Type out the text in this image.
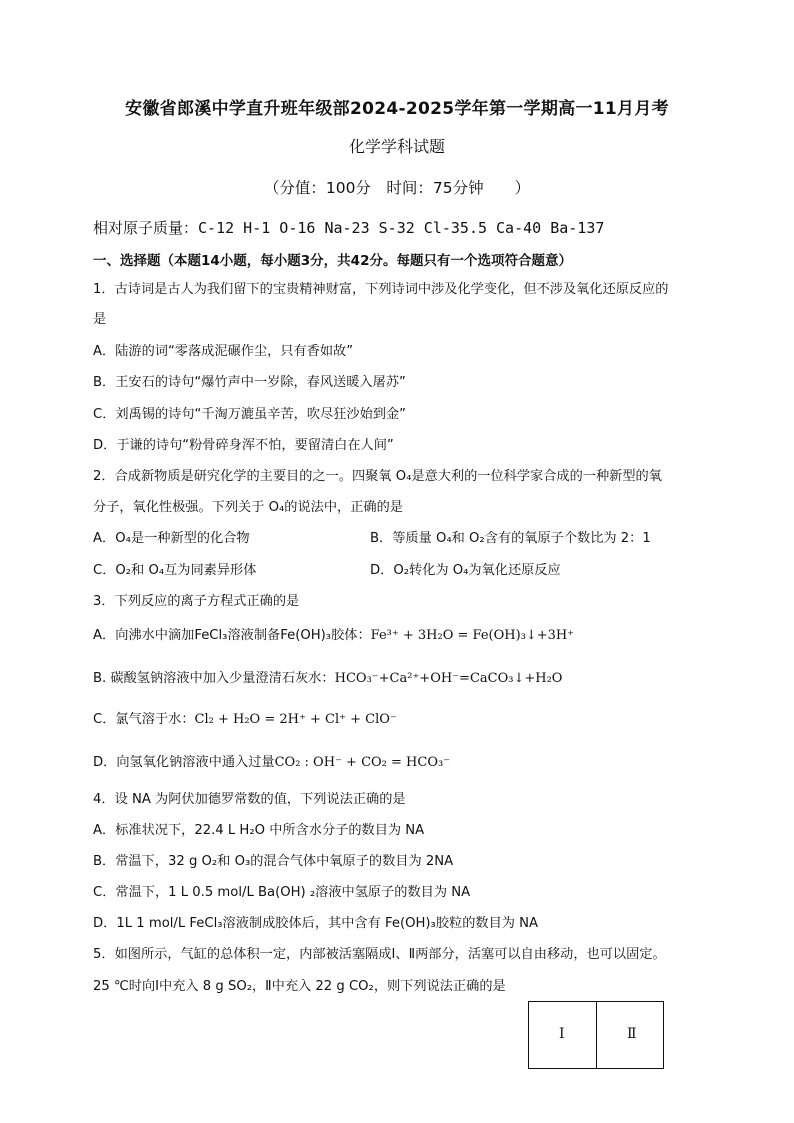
安徽省郎溪中学直升班年级部2024-2025学年第一学期高一11月月考
化学学科试题
（分值：100分　时间：75分钟　　）
相对原子质量：C-12 H-1 O-16 Na-23 S-32 Cl-35.5 Ca-40 Ba-137
一、选择题（本题14小题，每小题3分，共42分。每题只有一个选项符合题意）
1．古诗词是古人为我们留下的宝贵精神财富，下列诗词中涉及化学变化，但不涉及氧化还原反应的
是
A．陆游的词“零落成泥碾作尘，只有香如故”
B．王安石的诗句“爆竹声中一岁除，春风送暖入屠苏”
C．刘禹锡的诗句“千淘万漉虽辛苦，吹尽狂沙始到金”
D．于谦的诗句“粉骨碎身浑不怕，要留清白在人间”
2．合成新物质是研究化学的主要目的之一。四聚氧 O₄是意大利的一位科学家合成的一种新型的氧
分子，氧化性极强。下列关于 O₄的说法中，正确的是
A．O₄是一种新型的化合物	B．等质量 O₄和 O₂含有的氧原子个数比为 2：1
C．O₂和 O₄互为同素异形体	D．O₂转化为 O₄为氧化还原反应
3．下列反应的离子方程式正确的是
A．向沸水中滴加FeCl₃溶液制备Fe(OH)₃胶体：Fe³⁺ + 3H₂O = Fe(OH)₃↓+3H⁺
B. 碳酸氢钠溶液中加入少量澄清石灰水：HCO₃⁻+Ca²⁺+OH⁻=CaCO₃↓+H₂O
C．氯气溶于水：Cl₂ + H₂O = 2H⁺ + Cl⁺ + ClO⁻
D．向氢氧化钠溶液中通入过量CO₂ : OH⁻ + CO₂ = HCO₃⁻
4．设 NA 为阿伏加德罗常数的值，下列说法正确的是
A．标准状况下，22.4 L H₂O 中所含水分子的数目为 NA
B．常温下，32 g O₂和 O₃的混合气体中氧原子的数目为 2NA
C．常温下，1 L 0.5 mol/L Ba(OH) ₂溶液中氢原子的数目为 NA
D．1L 1 mol/L FeCl₃溶液制成胶体后，其中含有 Fe(OH)₃胶粒的数目为 NA
5．如图所示，气缸的总体积一定，内部被活塞隔成Ⅰ、Ⅱ两部分，活塞可以自由移动，也可以固定。
25 ℃时向Ⅰ中充入 8 g SO₂，Ⅱ中充入 22 g CO₂，则下列说法正确的是
Ⅰ	Ⅱ
